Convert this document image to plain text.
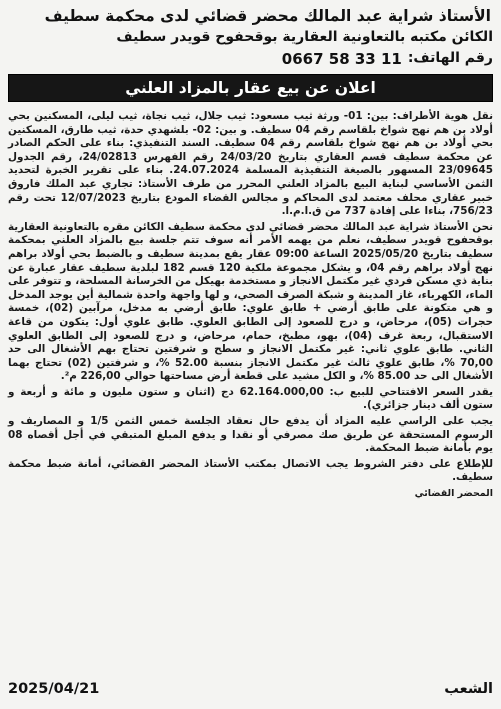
الأستاذ شراية عبد المالك محضر قضائي لدى محكمة سطيف
الكائن مكتبه بالتعاونية العقارية بوقحفوح قويدر سطيف
رقم الهاتف:
0667 58 33 11
اعلان عن بيع عقار بالمزاد العلني

نقل هوية الأطراف: بين: 01- ورثة ثيب مسعود: ثيب جلال، ثيب نجاة، ثيب ليلى، المسكنين بحي أولاد بن هم نهج شواخ بلقاسم رقم 04 سطيف. و بين: 02- بلشهدي حدة، ثيب طارق، المسكنين بحي أولاد بن هم نهج شواخ بلقاسم رقم 04 سطيف. السند التنفيذي: بناء على الحكم الصادر عن محكمة سطيف قسم العقاري بتاريخ 24/03/20 رقم الفهرس 24/02813، رقم الجدول 23/09645 المسهور بالصيغة التنفيذية المسلمة 24.07.2024. بناء على تقرير الخبرة لتحديد الثمن الأساسي لبناية البيع بالمزاد العلني المحرر من طرف الأستاذ: تجاري عبد الملك فاروق خبير عقاري محلف معتمد لدى المحاكم و مجالس القضاء المودع بتاريخ 12/07/2023 تحت رقم 756/23، بناءا على إفادة 737 من ق.ا.م.ا.

نحن الأستاذ شراية عبد المالك محضر قضائي لدى محكمة سطيف الكائن مقره بالتعاونية العقارية بوقحفوح قويدر سطيف، نعلم من يهمه الأمر أنه سوف تتم جلسة بيع بالمزاد العلني بمحكمة سطيف بتاريخ 2025/05/20 الساعة 09:00 عقار يقع بمدينة سطيف و بالضبط بحي أولاد براهم نهج أولاد براهم رقم 04، و يشكل مجموعة ملكية 120 قسم 182 لبلدية سطيف عقار عبارة عن بناية ذي مسكن فردي غير مكتمل الانجاز و مستخدمة بهيكل من الخرسانة المسلحة، و تتوفر على الماء، الكهرباء، غاز المدينة و شبكة الصرف الصحي، و لها واجهة واحدة شمالية أين يوجد المدخل و هي متكونة على طابق أرضي + طابق علوي: طابق أرضي به مدخل، مرآبين (02)، خمسة حجرات (05)، مرحاض، و درج للصعود إلى الطابق العلوي. طابق علوي أول: يتكون من قاعة الاستقبال، ربعة غرف (04)، بهو، مطبخ، حمام، مرحاض، و درج للصعود إلى الطابق العلوي الثاني. طابق علوي ثاني: غير مكتمل الانجاز و سطح و شرفتين تحتاج بهم الأشغال الى حد 70,00 %، طابق علوي ثالث غير مكتمل الانجاز بنسبة 52.00 %، و شرفتين (02) تحتاج بهما الأشغال الى حد 85.00 %، و الكل مشيد على قطعة أرض مساحتها حوالي 226,00 م².

يقدر السعر الافتتاحي للبيع ب: 62.164.000,00 دج (اثنان و ستون مليون و مائة و أربعة و ستون ألف دينار جزائري).

يجب على الراسي عليه المزاد أن يدفع حال نعقاد الجلسة خمس الثمن 1/5 و المصاريف و الرسوم المستحقة عن طريق صك مصرفي أو نقدا و يدفع المبلغ المتبقي في أجل أقصاه 08 يوم بأمانة ضبط المحكمة.

للإطلاع على دفتر الشروط يجب الاتصال بمكتب الأستاذ المحضر القضائي، أمانة ضبط محكمة سطيف.

المحضر القضائي
الشعب
2025/04/21
